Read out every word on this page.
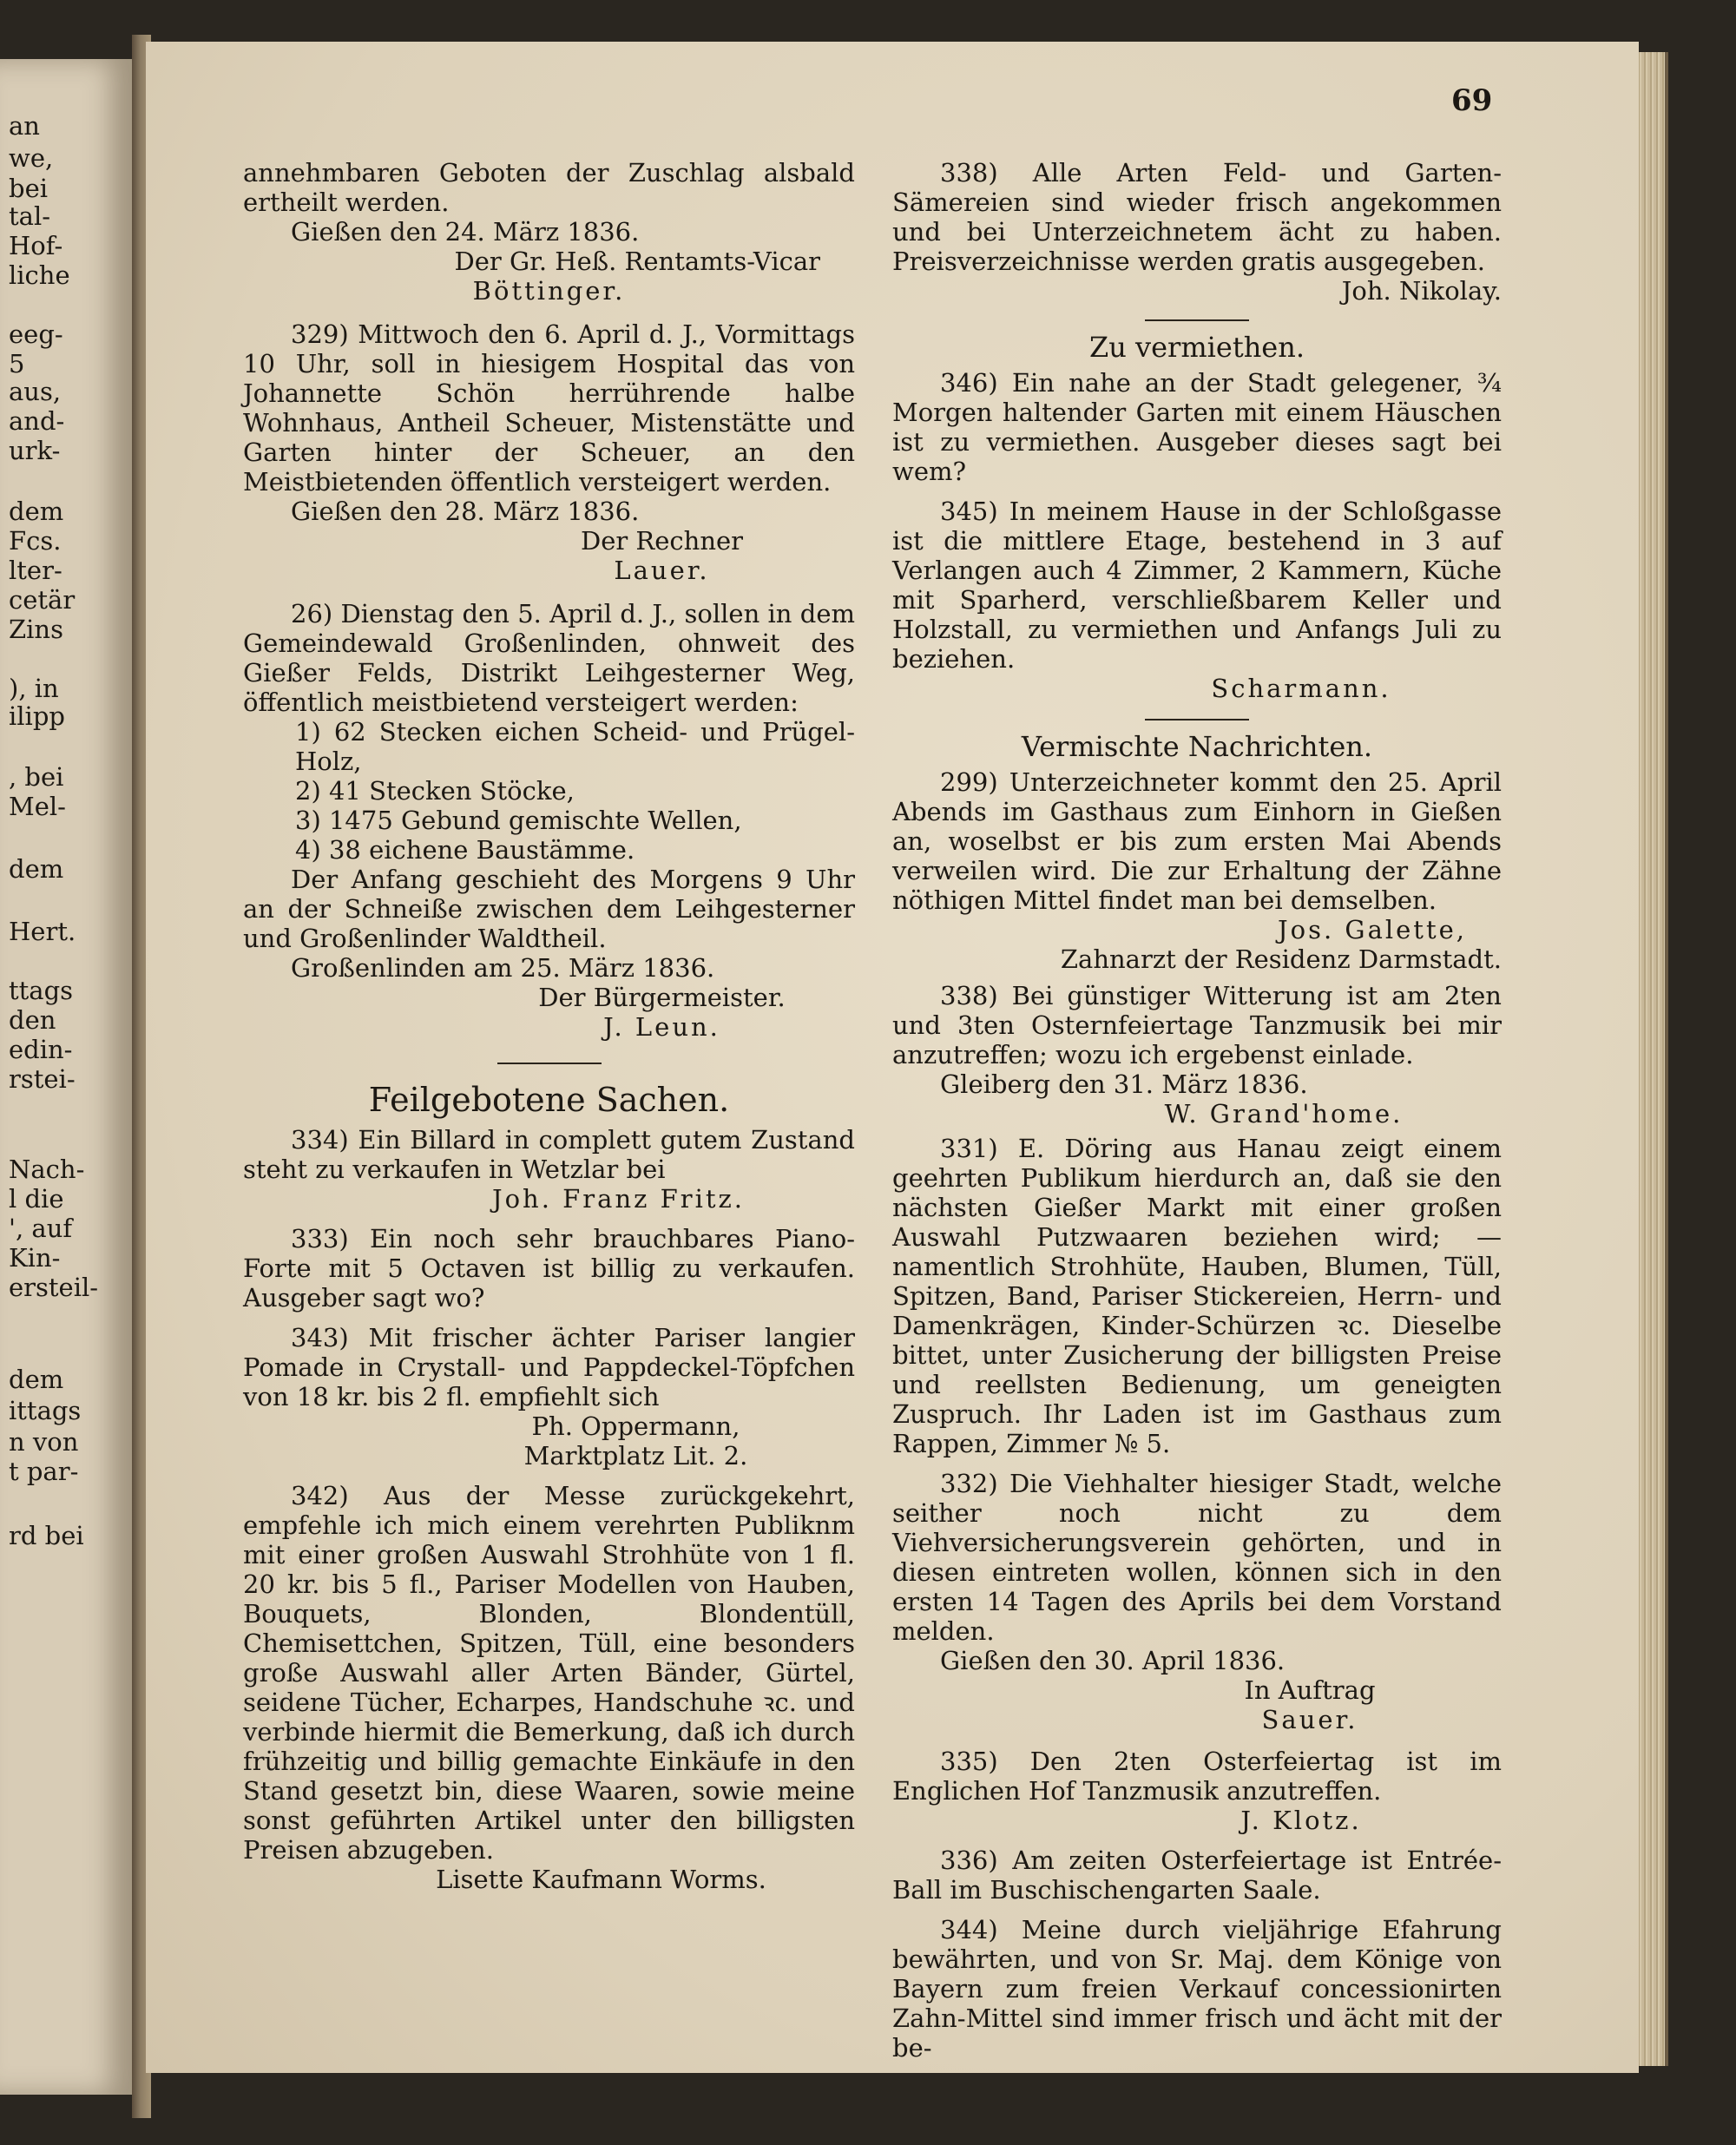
an
we,
bei
tal-
Hof-
liche
eeg-
5
aus,
and-
urk-
dem
Fcs.
lter-
cetär
Zins
), in
ilipp
, bei
Mel-
dem
Hert.
ttags
den
edin-
rstei-
Nach-
l die
', auf
Kin-
ersteil-
dem
ittags
n von
t par-
rd bei
69

annehmbaren Geboten der Zuschlag alsbald ertheilt werden.

Gießen den 24. März 1836.

Der Gr. Heß. Rentamts-Vicar

Böttinger.

329) Mittwoch den 6. April d. J., Vormittags 10 Uhr, soll in hiesigem Hospital das von Johannette Schön herrührende halbe Wohnhaus, Antheil Scheuer, Mistenstätte und Garten hinter der Scheuer, an den Meistbietenden öffentlich versteigert werden.

Gießen den 28. März 1836.

Der Rechner

Lauer.

26) Dienstag den 5. April d. J., sollen in dem Gemeindewald Großenlinden, ohnweit des Gießer Felds, Distrikt Leihgesterner Weg, öffentlich meistbietend versteigert werden:

1) 62 Stecken eichen Scheid- und Prügel-Holz,

2) 41 Stecken Stöcke,

3) 1475 Gebund gemischte Wellen,

4) 38 eichene Baustämme.

Der Anfang geschieht des Morgens 9 Uhr an der Schneiße zwischen dem Leihgesterner und Großenlinder Waldtheil.

Großenlinden am 25. März 1836.

Der Bürgermeister.

J. Leun.

Feilgebotene Sachen.

334) Ein Billard in complett gutem Zustand steht zu verkaufen in Wetzlar bei

Joh. Franz Fritz.

333) Ein noch sehr brauchbares Piano-Forte mit 5 Octaven ist billig zu verkaufen. Ausgeber sagt wo?

343) Mit frischer ächter Pariser langier Pomade in Crystall- und Pappdeckel-Töpfchen von 18 kr. bis 2 fl. empfiehlt sich

Ph. Oppermann,

Marktplatz Lit. 2.

342) Aus der Messe zurückgekehrt, empfehle ich mich einem verehrten Publiknm mit einer großen Auswahl Strohhüte von 1 fl. 20 kr. bis 5 fl., Pariser Modellen von Hauben, Bouquets, Blonden, Blondentüll, Chemisettchen, Spitzen, Tüll, eine besonders große Auswahl aller Arten Bänder, Gürtel, seidene Tücher, Echarpes, Handschuhe ꝛc. und verbinde hiermit die Bemerkung, daß ich durch frühzeitig und billig gemachte Einkäufe in den Stand gesetzt bin, diese Waaren, sowie meine sonst geführten Artikel unter den billigsten Preisen abzugeben.

Lisette Kaufmann Worms.

338) Alle Arten Feld- und Garten-Sämereien sind wieder frisch angekommen und bei Unterzeichnetem ächt zu haben. Preisverzeichnisse werden gratis ausgegeben.

Joh. Nikolay.

Zu vermiethen.

346) Ein nahe an der Stadt gelegener, ¾ Morgen haltender Garten mit einem Häuschen ist zu vermiethen. Ausgeber dieses sagt bei wem?

345) In meinem Hause in der Schloßgasse ist die mittlere Etage, bestehend in 3 auf Verlangen auch 4 Zimmer, 2 Kammern, Küche mit Sparherd, verschließbarem Keller und Holzstall, zu vermiethen und Anfangs Juli zu beziehen.

Scharmann.

Vermischte Nachrichten.

299) Unterzeichneter kommt den 25. April Abends im Gasthaus zum Einhorn in Gießen an, woselbst er bis zum ersten Mai Abends verweilen wird. Die zur Erhaltung der Zähne nöthigen Mittel findet man bei demselben.

Jos. Galette,

Zahnarzt der Residenz Darmstadt.

338) Bei günstiger Witterung ist am 2ten und 3ten Osternfeiertage Tanzmusik bei mir anzutreffen; wozu ich ergebenst einlade.

Gleiberg den 31. März 1836.

W. Grand'home.

331) E. Döring aus Hanau zeigt einem geehrten Publikum hierdurch an, daß sie den nächsten Gießer Markt mit einer großen Auswahl Putzwaaren beziehen wird; — namentlich Strohhüte, Hauben, Blumen, Tüll, Spitzen, Band, Pariser Stickereien, Herrn- und Damenkrägen, Kinder-Schürzen ꝛc. Dieselbe bittet, unter Zusicherung der billigsten Preise und reellsten Bedienung, um geneigten Zuspruch. Ihr Laden ist im Gasthaus zum Rappen, Zimmer № 5.

332) Die Viehhalter hiesiger Stadt, welche seither noch nicht zu dem Viehversicherungsverein gehörten, und in diesen eintreten wollen, können sich in den ersten 14 Tagen des Aprils bei dem Vorstand melden.

Gießen den 30. April 1836.

In Auftrag

Sauer.

335) Den 2ten Osterfeiertag ist im Englichen Hof Tanzmusik anzutreffen.

J. Klotz.

336) Am zeiten Osterfeiertage ist Entrée-Ball im Buschischengarten Saale.

344) Meine durch vieljährige Efahrung bewährten, und von Sr. Maj. dem Könige von Bayern zum freien Verkauf concessionirten Zahn-Mittel sind immer frisch und ächt mit der be-
